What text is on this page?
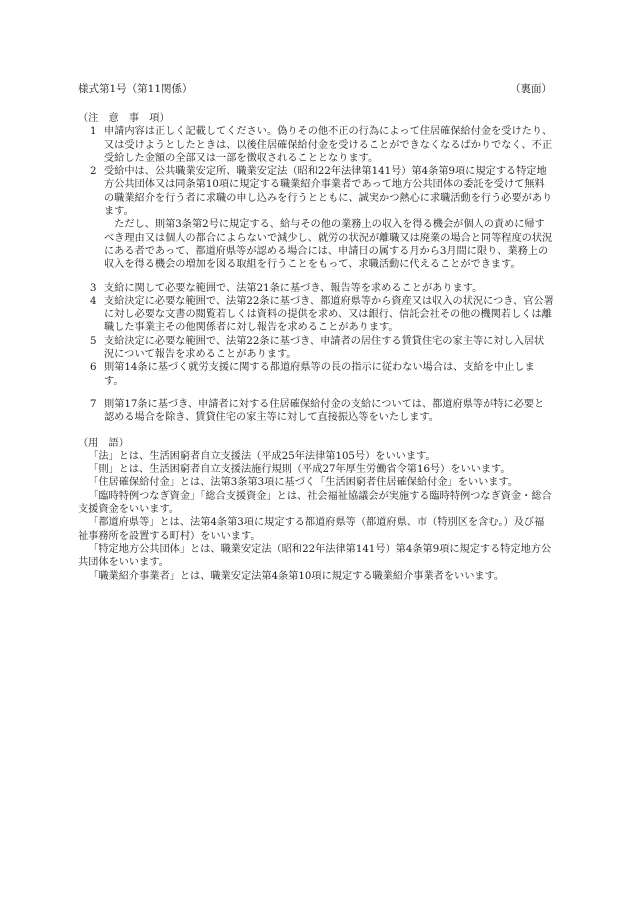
様式第1号（第11関係）	（裏面）

（注　意　事　項）

1 申請内容は正しく記載してください。偽りその他不正の行為によって住居確保給付金を受けたり、又は受けようとしたときは、以後住居確保給付金を受けることができなくなるばかりでなく、不正受給した金額の全部又は一部を徴収されることとなります。
2 受給中は、公共職業安定所、職業安定法（昭和22年法律第141号）第4条第9項に規定する特定地方公共団体又は同条第10項に規定する職業紹介事業者であって地方公共団体の委託を受けて無料の職業紹介を行う者に求職の申し込みを行うとともに、誠実かつ熱心に求職活動を行う必要があります。

ただし、則第3条第2号に規定する、給与その他の業務上の収入を得る機会が個人の責めに帰すべき理由又は個人の都合によらないで減少し、就労の状況が離職又は廃業の場合と同等程度の状況にある者であって、都道府県等が認める場合には、申請日の属する月から3月間に限り、業務上の収入を得る機会の増加を図る取組を行うことをもって、求職活動に代えることができます。

3 支給に関して必要な範囲で、法第21条に基づき、報告等を求めることがあります。
4 支給決定に必要な範囲で、法第22条に基づき、都道府県等から資産又は収入の状況につき、官公署に対し必要な文書の閲覧若しくは資料の提供を求め、又は銀行、信託会社その他の機関若しくは離職した事業主その他関係者に対し報告を求めることがあります。
5 支給決定に必要な範囲で、法第22条に基づき、申請者の居住する賃貸住宅の家主等に対し入居状況について報告を求めることがあります。
6 則第14条に基づく就労支援に関する都道府県等の長の指示に従わない場合は、支給を中止します。
7 則第17条に基づき、申請者に対する住居確保給付金の支給については、都道府県等が特に必要と認める場合を除き、賃貸住宅の家主等に対して直接振込等をいたします。

（用　語）

「法」とは、生活困窮者自立支援法（平成25年法律第105号）をいいます。

「則」とは、生活困窮者自立支援法施行規則（平成27年厚生労働省令第16号）をいいます。

「住居確保給付金」とは、法第3条第3項に基づく「生活困窮者住居確保給付金」をいいます。

「臨時特例つなぎ資金」「総合支援資金」とは、社会福祉協議会が実施する臨時特例つなぎ資金・総合支援資金をいいます。

「都道府県等」とは、法第4条第3項に規定する都道府県等（都道府県、市（特別区を含む。）及び福祉事務所を設置する町村）をいいます。

「特定地方公共団体」とは、職業安定法（昭和22年法律第141号）第4条第9項に規定する特定地方公共団体をいいます。

「職業紹介事業者」とは、職業安定法第4条第10項に規定する職業紹介事業者をいいます。
